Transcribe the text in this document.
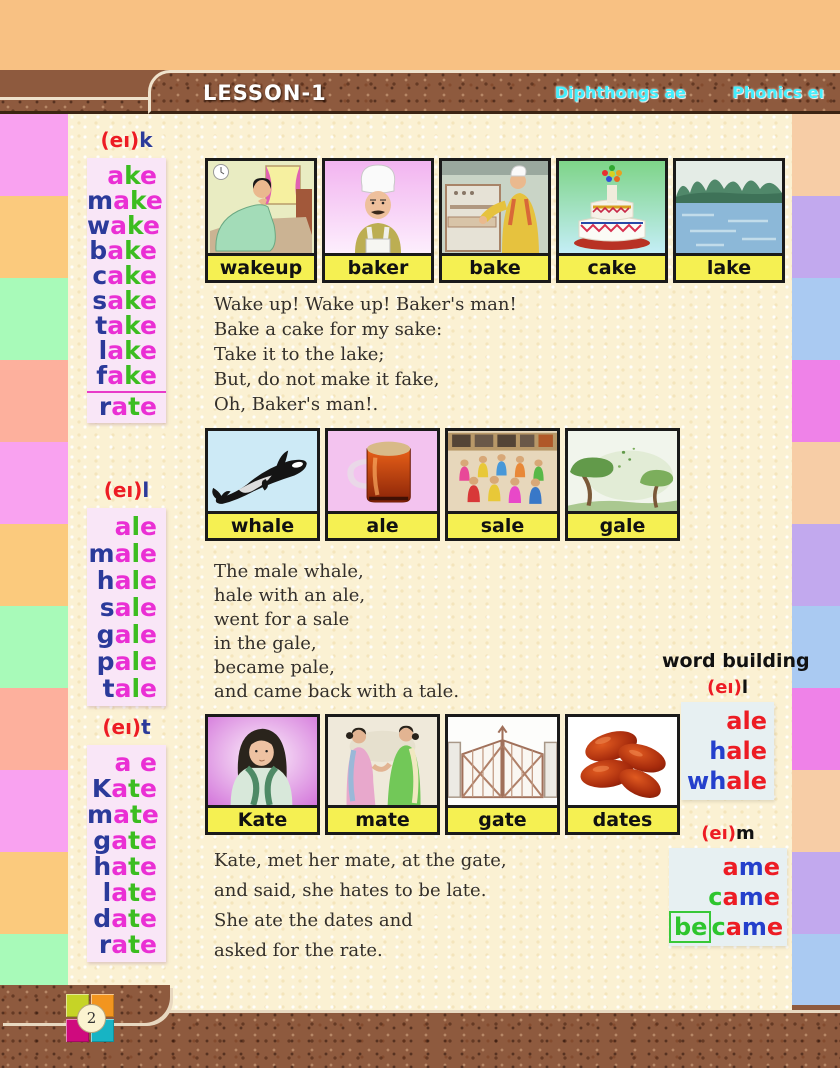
LESSON-1	Diphthongs ae	Phonics eı
(eı)k
ake
make
wake
bake
cake
sake
take
lake
fake
rate
(eı)l
ale
male
hale
sale
gale
pale
tale
(eı)t
a e
Kate
mate
gate
hate
late
date
rate
wakeup	baker	bake	cake	lake
Wake up! Wake up! Baker's man!
Bake a cake for my sake:
Take it to the lake;
But, do not make it fake,
Oh, Baker's man!.
whale	ale	sale	gale
The male whale,
hale with an ale,
went for a sale
in the gale,
became pale,
and came back with a tale.
word building
(eı)l
ale
hale
whale
(eı)m
ame
came
be came
Kate	mate	gate	dates
Kate, met her mate, at the gate,
and said, she hates to be late.
She ate the dates and
asked for the rate.
2
